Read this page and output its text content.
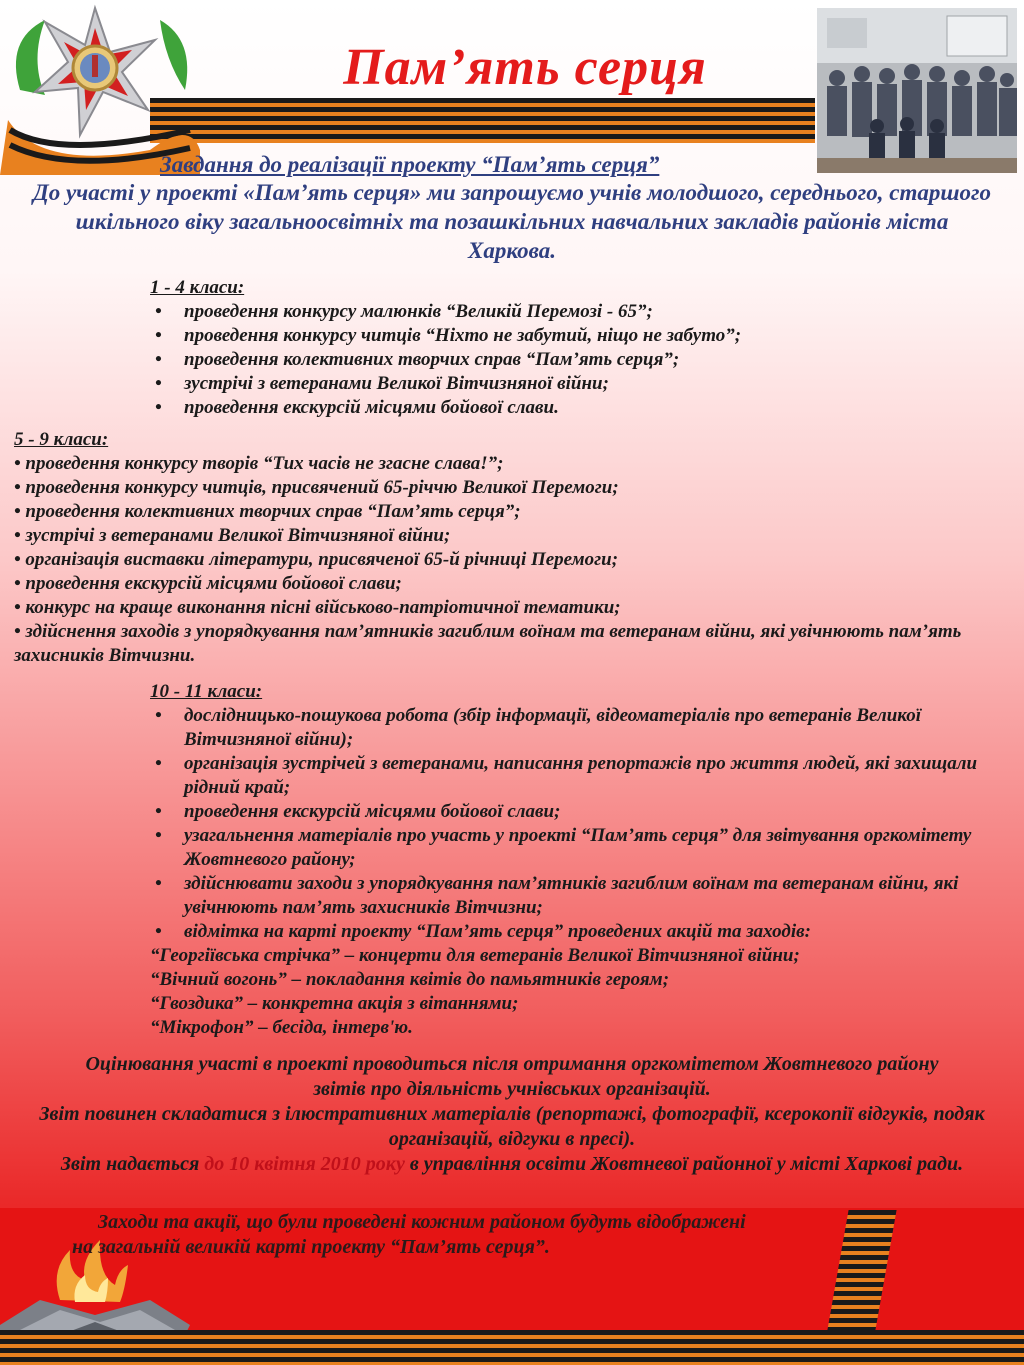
Пам’ять серця
Завдання до реалізації проекту “Пам’ять серця”
До участі у проекті «Пам’ять серця» ми запрошуємо учнів молодшого, середнього, старшого шкільного віку загальноосвітніх та позашкільних навчальних закладів районів міста Харкова.
1 - 4 класи:
• проведення конкурсу малюнків “Великій Перемозі - 65”;
• проведення конкурсу читців “Ніхто не забутий, ніщо не забуто”;
• проведення колективних творчих справ “Пам’ять серця”;
• зустрічі з ветеранами Великої Вітчизняної війни;
• проведення екскурсій місцями бойової слави.
5 - 9 класи:
• проведення конкурсу творів “Тих часів не згасне слава!”;
• проведення конкурсу читців, присвячений 65-річчю Великої Перемоги;
• проведення колективних творчих справ “Пам’ять серця”;
• зустрічі з ветеранами Великої Вітчизняної війни;
• організація виставки літератури, присвяченої 65-й річниці Перемоги;
• проведення екскурсій місцями бойової слави;
• конкурс на краще виконання пісні військово-патріотичної тематики;
• здійснення заходів з упорядкування пам’ятників загиблим воїнам та ветеранам війни, які увічнюють пам’ять захисників Вітчизни.
10 - 11 класи:
• дослідницько-пошукова робота (збір інформації, відеоматеріалів про ветеранів Великої Вітчизняної війни);
• організація зустрічей з ветеранами, написання репортажів про життя людей, які захищали рідний край;
• проведення екскурсій місцями бойової слави;
• узагальнення матеріалів про участь у проекті “Пам’ять серця” для звітування оргкомітету Жовтневого району;
• здійснювати заходи з упорядкування пам’ятників загиблим воїнам та ветеранам війни, які увічнюють пам’ять захисників Вітчизни;
• відмітка на карті проекту “Пам’ять серця” проведених акцій та заходів:
“Георгіївська стрічка” – концерти для ветеранів Великої Вітчизняної війни;
“Вічний вогонь” – покладання квітів до памьятників героям;
“Гвоздика” – конкретна акція з вітаннями;
“Мікрофон” – бесіда, інтерв'ю.
Оцінювання участі в проекті проводиться після отримання оргкомітетом Жовтневого району звітів про діяльність учнівських організацій.
Звіт повинен складатися з ілюстративних матеріалів (репортажі, фотографії, ксерокопії відгуків, подяк організацій, відгуки в пресі).
Звіт надається до 10 квітня 2010 року в управління освіти Жовтневої районної у місті Харкові ради.
Заходи та акції, що були проведені кожним районом будуть відображені
на загальній великій карті проекту “Пам’ять серця”.
